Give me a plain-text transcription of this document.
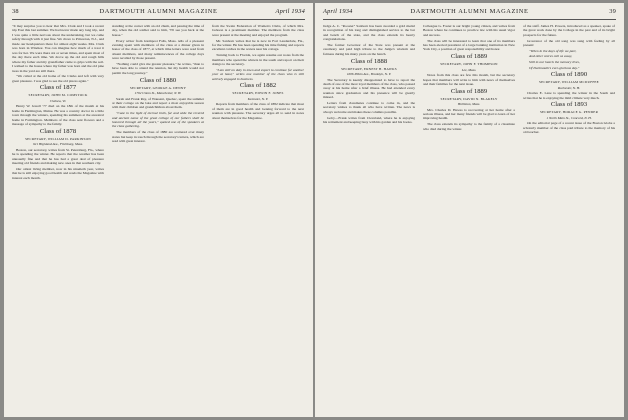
38	DARTMOUTH ALUMNI MAGAZINE	April 1934

"It may surprise you to hear that Mrs. Clark and I took a recent trip East this last summer. We had never made any long trip, and I was quite a little nervous about the undertaking, but we came safely through with it just fine. We drove to Princeton, N.J., and made our headquarters there for almost eight weeks. Mrs. Clark was born in Windsor. You can imagine how much of a treat it was for her. We were there six or seven times, and spent most of the day there each time. We drove up the old and rough hills where my father and my grandfather came to grips with the soil. I walked to the house where my father was born and the old pine trees in the yard are still there.

"We called at the old home of the Clarks and left with very great pleasure. I was glad to see the old places again."

Class of 1877

SECRETARY, JOHN M. COMSTOCK

Chelsea, Vt.

Henry W. Jewell '77 died on the 18th of the month at his home in Farmington, Maine. He was a country doctor in a little town through the winters, spending his summers at the ancestral home in Farmington. Members of the class sent flowers and a message of sympathy to the family.

Class of 1878

SECRETARY, WILLIAM D. PARKINSON

921 Highland Ave., Fitchburg, Mass.

Boston, our secretary, writes from St. Petersburg, Fla., where he is spending the winter. He reports that the weather has been unusually fine and that he has had a great deal of pleasure meeting old friends and making new ones in that southern city.

Our oldest living member, now in his ninetieth year, writes that he is still enjoying good health and reads the Magazine with interest each month.

standing at the corner with an old chum, and passing the time of day, when the old soldier said to him, "I'll see you back at the house."

Every writer from Glempost Falls, Mass. tells of a pleasant evening spent with members of the class at a dinner given in honor of the class of 1877, at which time letters were read from absent members, and many reminiscences of the college days were recalled by those present.

"Nothing could give me greater pleasure," he writes, "than to have been able to attend the reunion, but my health would not permit the long journey."

Class of 1880

SECRETARY, GEORGE A. DENNY

1702 Union St., Manchester, N. H.

Sarah and Frank Ray, of Wausant, Quebec, spent the summer at their cottage on the lake and report a most enjoyable season with their children and grandchildren about them.

"Cane in the light of eternal truth, far and wide the revered and ancient name of the great college of our fathers shall be honored through all the years," quoted one of the speakers at the class gathering.

The members of the class of 1880 are scattered over many states but keep in touch through the secretary's letters, which are read with great interest.

from the Swain Federation of Women's Clubs, of which Mrs. Jackson is a prominent member. The members from the class were present at the meeting and enjoyed the program.

Mr. Sanborn writes that he is now in Fort Lauderdale, Fla., for the winter. He has been spending his time fishing and reports excellent catches in the waters near his cottage.

Turning back to Florida, we again resume our notes from the members who spend the winters in the south and report on their doings to the secretary.

"I am still on duty in town and expect to continue for another year at least," writes one member of the class who is still actively engaged in business.

Class of 1882

SECRETARY, EDWIN F. JONES

Kenmore, N. Y.

Reports from members of the class of 1882 indicate that most of them are in good health and looking forward to the next reunion with pleasure. The secretary urges all to send in notes about themselves for the Magazine.

April 1934	DARTMOUTH ALUMNI MAGAZINE	39

Judge A. C. "Rooster" Sanborn has been awarded a gold medal in recognition of his long and distinguished service to the bar and bench of the state, and the class extends its hearty congratulations.

The former Governor of the State was present at the ceremony and paid high tribute to the Judge's wisdom and fairness during his many years on the bench.

Class of 1888

SECRETARY, ERNEST H. HAWKS

1606 Pitkin Ave., Brooklyn, N. Y.

The Secretary is keenly disappointed to have to report the death of one of the most loyal members of the class, who passed away at his home after a brief illness. He had attended every reunion since graduation and his presence will be greatly missed.

Letters from classmates continue to come in, and the secretary wishes to thank all who have written. The news is always welcome and makes these columns possible.

Goby—Frank writes from Cleveland, where he is enjoying his retirement and keeping busy with his garden and his books.

Colleague G. Foster is our bright young citizen, and writes from Boston where he continues to practice law with his usual vigor and success.

The class will be interested to learn that one of its members has been elected president of a large banking institution in New York City, a position of great responsibility and honor.

Class of 1889

SECRETARY, JOHN F. THOMPSON

Lee, Mass.

Notes from this class are few this month, but the secretary hopes that members will write to him with news of themselves and their families for the next issue.

Class of 1889

SECRETARY, DAVID N. BLAKELY

Holliston, Mass.

Mrs. Charles D. Hawes is recovering at her home after a serious illness, and her many friends will be glad to learn of her improving health.

The class extends its sympathy to the family of a classmate who died during the winter.

of the staff. James H. Powers, introduced as a speaker, spoke of the great work done by the College in the past and of its bright prospects for the future.

Grosvenor of the old song was sung with feeling by all present:

"When in the days of life we part,

And other voices call us away,

Still in our hearts the memory lives,

Of Dartmouth's ever-glorious day."

Class of 1890

SECRETARY, WILLIAM MCDUFFEE

Rochester, N. H.

Charles E. Lane is spending the winter in the South and writes that he is enjoying the mild climate very much.

Class of 1893

SECRETARY, HORACE G. PENDER

1 North Main St., Concord, N. H.

On the editorial page of a recent issue of the Boston Globe a scholarly member of the class paid tribute to the memory of his old teacher.
